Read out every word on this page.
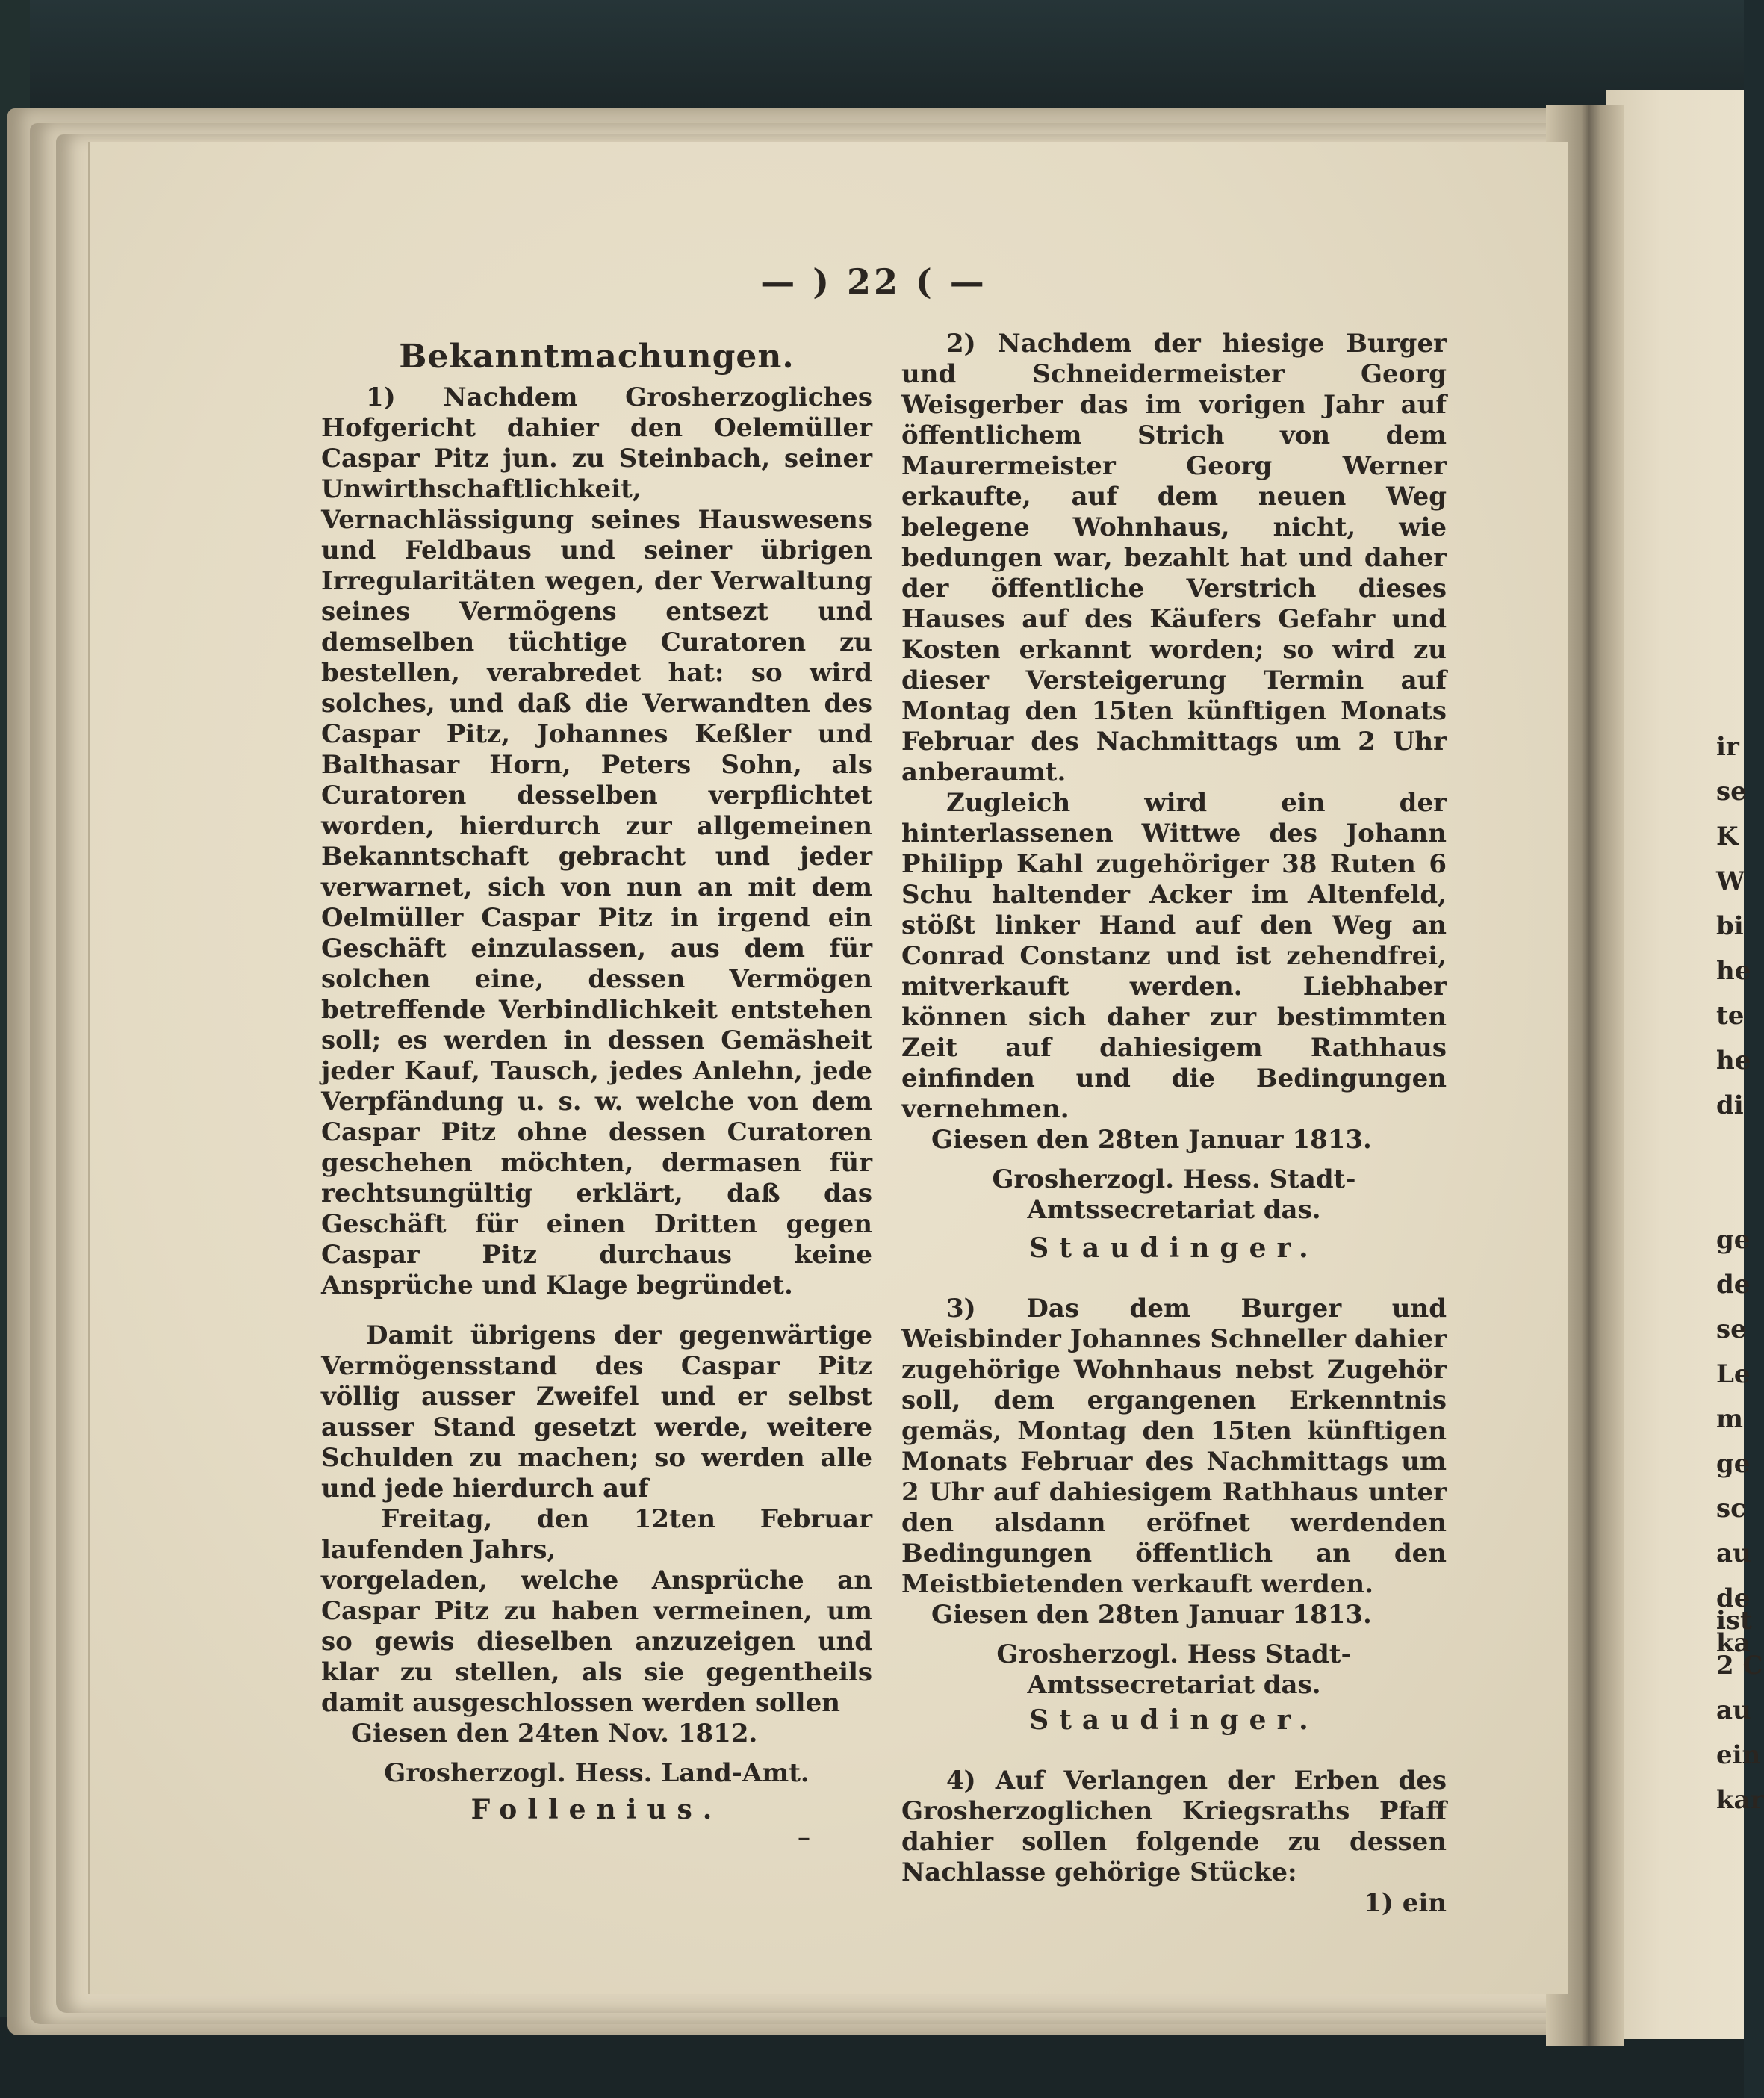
— ) 22 ( —
Bekanntmachungen.

1) Nachdem Grosherzogliches Hofgericht dahier den Oelemüller Caspar Pitz jun. zu Steinbach, seiner Unwirthschaftlichkeit, Vernachlässigung seines Hauswesens und Feldbaus und seiner übrigen Irregularitäten wegen, der Verwaltung seines Vermögens entsezt und demselben tüchtige Curatoren zu bestellen, verabredet hat: so wird solches, und daß die Verwandten des Caspar Pitz, Johannes Keßler und Balthasar Horn, Peters Sohn, als Curatoren desselben verpflichtet worden, hierdurch zur allgemeinen Bekanntschaft gebracht und jeder verwarnet, sich von nun an mit dem Oelmüller Caspar Pitz in irgend ein Geschäft einzulassen, aus dem für solchen eine, dessen Vermögen betreffende Verbindlichkeit entstehen soll; es werden in dessen Gemäsheit jeder Kauf, Tausch, jedes Anlehn, jede Verpfändung u. s. w. welche von dem Caspar Pitz ohne dessen Curatoren geschehen möchten, dermasen für rechtsungültig erklärt, daß das Geschäft für einen Dritten gegen Caspar Pitz durchaus keine Ansprüche und Klage begründet.

Damit übrigens der gegenwärtige Vermögensstand des Caspar Pitz völlig ausser Zweifel und er selbst ausser Stand gesetzt werde, weitere Schulden zu machen; so werden alle und jede hierdurch auf

Freitag, den 12ten Februar laufenden Jahrs,

vorgeladen, welche Ansprüche an Caspar Pitz zu haben vermeinen, um so gewis dieselben anzuzeigen und klar zu stellen, als sie gegentheils damit ausgeschlossen werden sollen

Giesen den 24ten Nov. 1812.

Grosherzogl. Hess. Land-Amt.

Follenius.

2) Nachdem der hiesige Burger und Schneidermeister Georg Weisgerber das im vorigen Jahr auf öffentlichem Strich von dem Maurermeister Georg Werner erkaufte, auf dem neuen Weg belegene Wohnhaus, nicht, wie bedungen war, bezahlt hat und daher der öffentliche Verstrich dieses Hauses auf des Käufers Gefahr und Kosten erkannt worden; so wird zu dieser Versteigerung Termin auf Montag den 15ten künftigen Monats Februar des Nachmittags um 2 Uhr anberaumt.

Zugleich wird ein der hinterlassenen Wittwe des Johann Philipp Kahl zugehöriger 38 Ruten 6 Schu haltender Acker im Altenfeld, stößt linker Hand auf den Weg an Conrad Constanz und ist zehendfrei, mitverkauft werden. Liebhaber können sich daher zur bestimmten Zeit auf dahiesigem Rathhaus einfinden und die Bedingungen vernehmen.

Giesen den 28ten Januar 1813.

Grosherzogl. Hess. Stadt-Amtssecretariat das.

Staudinger.

3) Das dem Burger und Weisbinder Johannes Schneller dahier zugehörige Wohnhaus nebst Zugehör soll, dem ergangenen Erkenntnis gemäs, Montag den 15ten künftigen Monats Februar des Nachmittags um 2 Uhr auf dahiesigem Rathhaus unter den alsdann eröfnet werdenden Bedingungen öffentlich an den Meistbietenden verkauft werden.

Giesen den 28ten Januar 1813.

Grosherzogl. Hess Stadt-Amtssecretariat das.

Staudinger.

4) Auf Verlangen der Erben des Grosherzoglichen Kriegsraths Pfaff dahier sollen folgende zu dessen Nachlasse gehörige Stücke:

1) ein

–
ir
se
K
W
bi
he
te
he
di
ge
de
se
Le
m
ge
sc
au
de
ka
ist
2 C
au
ein
kar
